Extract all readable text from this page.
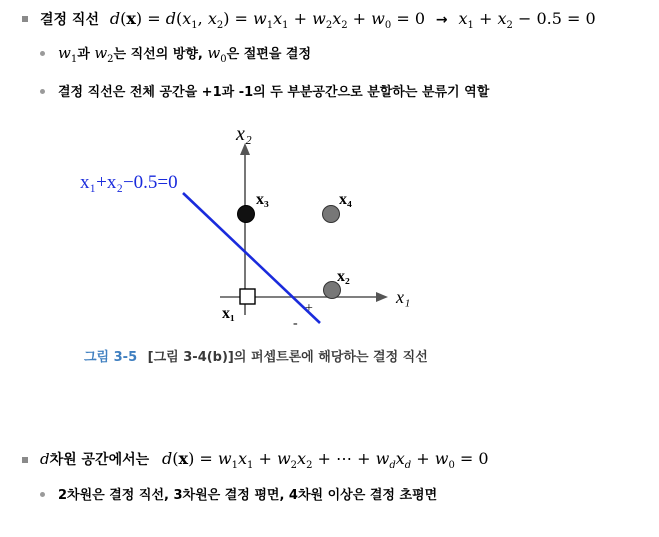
결정 직선 $d(x) = d(x_1$, $x_2) = w_1x_1 + w_2x_2 + w_0 = 0 \to x_1 + x_2 - 0.5 = 0$
$w_1$과 $w_2$는 직선의 방향, $w_0$은 절편을 결정
결정 직선은 전체 공간을 +1과 -1의 두 부분공간으로 분할하는 분류기 역할
x₂
x₁
x₁+x₂−0.5=0
x₁
x₂
x₃	x₄
+
-
그림 3-5 [그림 3-4(b)]의 퍼셉트론에 해당하는 결정 직선
d차원 공간에서는 $d(x) = w_1x_1 + w_2x_2$ + ⋯ + $w_dx_d + w_0 = 0$
2차원은 결정 직선, 3차원은 결정 평면, 4차원 이상은 결정 초평면
